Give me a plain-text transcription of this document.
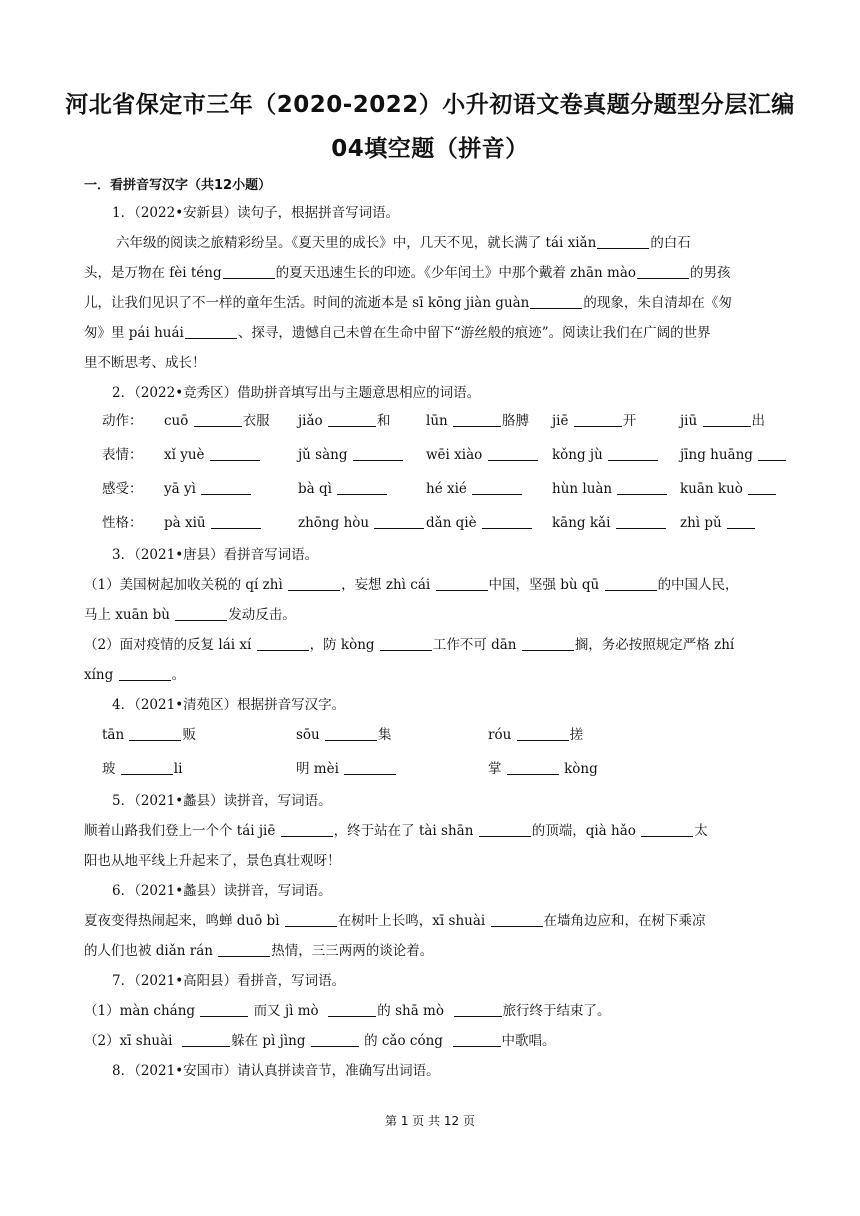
河北省保定市三年（2020-2022）小升初语文卷真题分题型分层汇编
04填空题（拼音）
一．看拼音写汉字（共12小题）
1．（2022•安新县）读句子，根据拼音写词语。
六年级的阅读之旅精彩纷呈。《夏天里的成长》中，几天不见，就长满了 tái xiǎn	的白石
头，是万物在 fèi téng	的夏天迅速生长的印迹。《少年闰土》中那个戴着 zhān mào	的男孩
儿，让我们见识了不一样的童年生活。时间的流逝本是 sī kōng jiàn guàn	的现象，朱自清却在《匆
匆》里 pái huái	、探寻，遗憾自己未曾在生命中留下“游丝般的痕迹”。阅读让我们在广阔的世界
里不断思考、成长！
2．（2022•竞秀区）借助拼音填写出与主题意思相应的词语。
动作： cuō	衣服 jiǎo	和	lūn	胳膊 jiē	开	jiū	出
表情： xǐ yuè	jǔ sàng	wēi xiào	kǒng jù	jīng huāng
感受： yā yì	bà qì	hé xié	hùn luàn	kuān kuò
性格： pà xiū	zhōng hòu	dǎn qiè	kāng kǎi	zhì pǔ
3．（2021•唐县）看拼音写词语。
（1）美国树起加收关税的 qí zhì	，妄想 zhì cái	中国，坚强 bù qū	的中国人民，
马上 xuān bù	发动反击。
（2）面对疫情的反复 lái xí	，防 kòng	工作不可 dān	搁，务必按照规定严格 zhí
xíng	。
4．（2021•清苑区）根据拼音写汉字。
tān	贩	sōu	集	róu	搓
玻	li	明 mèi	掌	kòng
5．（2021•蠡县）读拼音，写词语。
顺着山路我们登上一个个 tái jiē	，终于站在了 tài shān	的顶端，qià hǎo	太
阳也从地平线上升起来了，景色真壮观呀！
6．（2021•蠡县）读拼音，写词语。
夏夜变得热闹起来，鸣蝉 duō bì	在树叶上长鸣，xī shuài	在墙角边应和，在树下乘凉
的人们也被 diǎn rán	热情，三三两两的谈论着。
7．（2021•高阳县）看拼音，写词语。
（1）màn cháng	而又 jì mò	的 shā mò	旅行终于结束了。
（2）xī shuài	躲在 pì jìng	的 cǎo cóng	中歌唱。
8．（2021•安国市）请认真拼读音节，准确写出词语。
第 1 页 共 12 页
